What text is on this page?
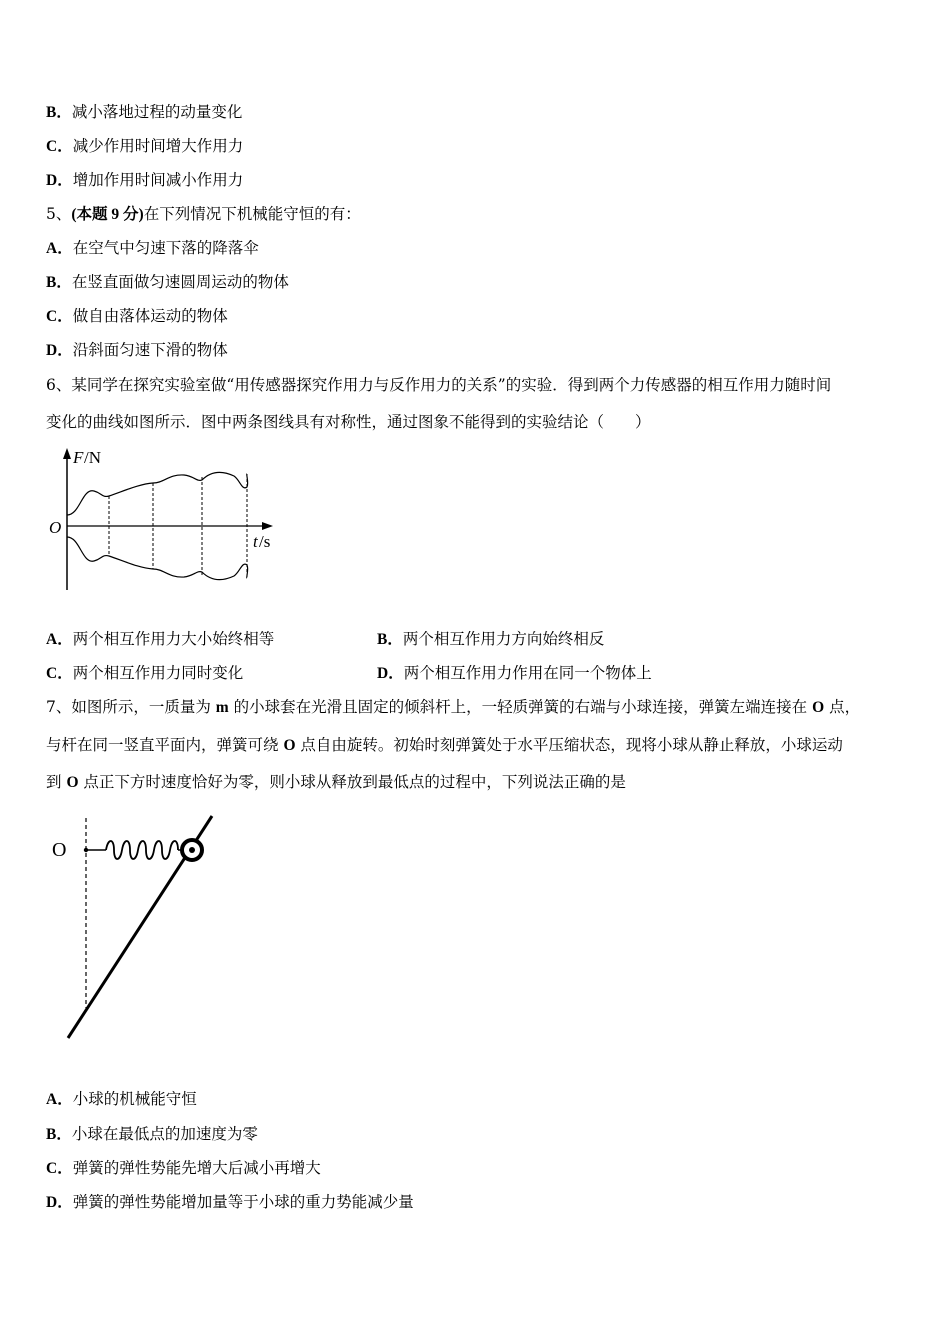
B．减小落地过程的动量变化
C．减少作用时间增大作用力
D．增加作用时间减小作用力
5、(本题 9 分)在下列情况下机械能守恒的有：
A．在空气中匀速下落的降落伞
B．在竖直面做匀速圆周运动的物体
C．做自由落体运动的物体
D．沿斜面匀速下滑的物体
6、某同学在探究实验室做“用传感器探究作用力与反作用力的关系”的实验．得到两个力传感器的相互作用力随时间
变化的曲线如图所示．图中两条图线具有对称性，通过图象不能得到的实验结论（　　）
F /N
O
t /s
A．两个相互作用力大小始终相等	B．两个相互作用力方向始终相反
C．两个相互作用力同时变化	D．两个相互作用力作用在同一个物体上
7、如图所示，一质量为 m 的小球套在光滑且固定的倾斜杆上，一轻质弹簧的右端与小球连接，弹簧左端连接在 O 点，
与杆在同一竖直平面内，弹簧可绕 O 点自由旋转。初始时刻弹簧处于水平压缩状态，现将小球从静止释放，小球运动
到 O 点正下方时速度恰好为零，则小球从释放到最低点的过程中，下列说法正确的是
O
A．小球的机械能守恒
B．小球在最低点的加速度为零
C．弹簧的弹性势能先增大后减小再增大
D．弹簧的弹性势能增加量等于小球的重力势能减少量
